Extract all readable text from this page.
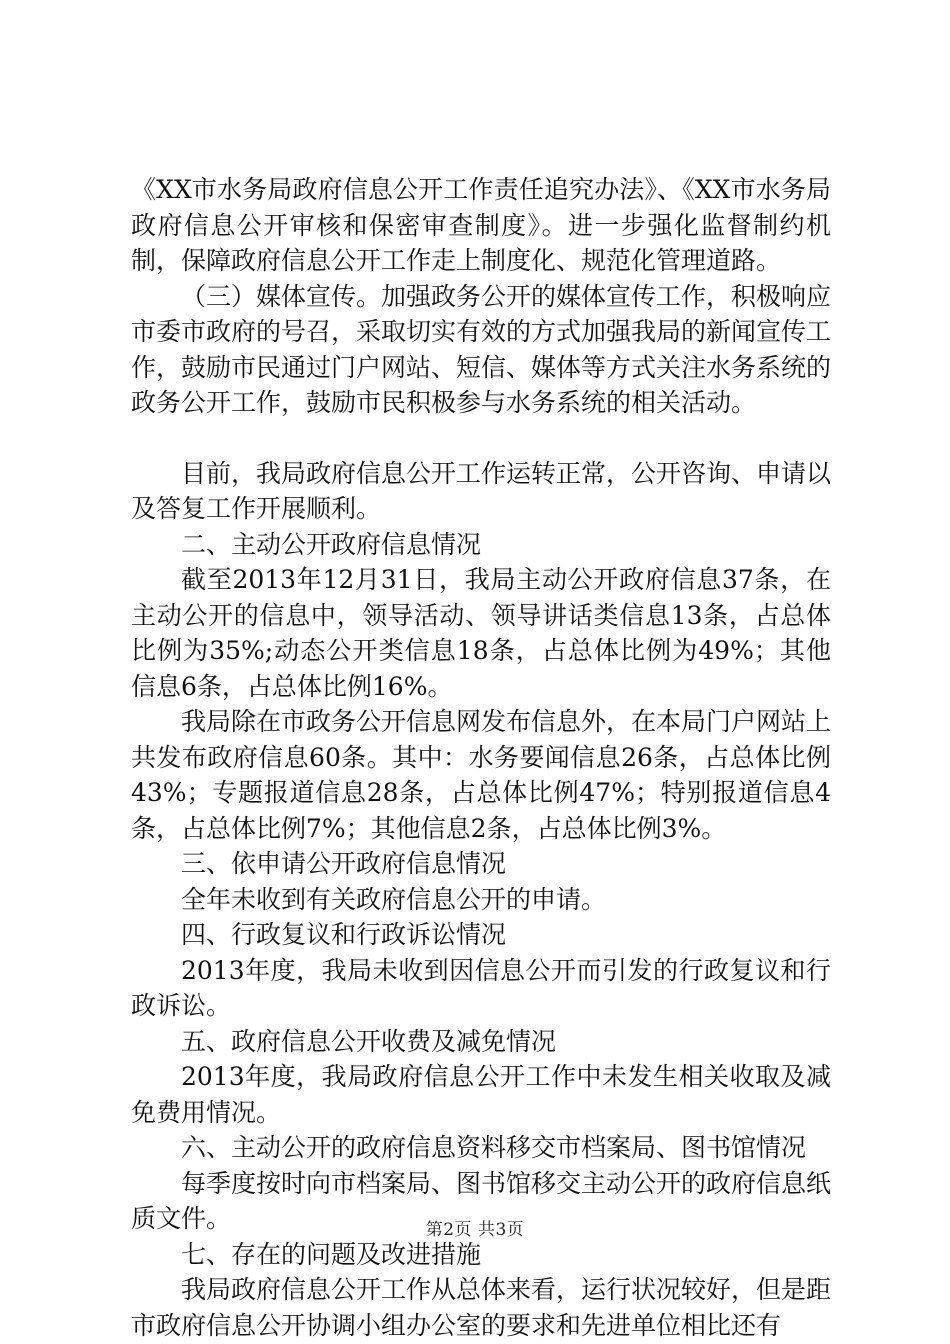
《XX市水务局政府信息公开工作责任追究办法》、《XX市水务局政府信息公开审核和保密审查制度》。进一步强化监督制约机制，保障政府信息公开工作走上制度化、规范化管理道路。

（三）媒体宣传。加强政务公开的媒体宣传工作，积极响应市委市政府的号召，采取切实有效的方式加强我局的新闻宣传工作，鼓励市民通过门户网站、短信、媒体等方式关注水务系统的政务公开工作，鼓励市民积极参与水务系统的相关活动。

目前，我局政府信息公开工作运转正常，公开咨询、申请以及答复工作开展顺利。

二、主动公开政府信息情况

截至2013年12月31日，我局主动公开政府信息37条，在主动公开的信息中，领导活动、领导讲话类信息13条，占总体比例为35%;动态公开类信息18条，占总体比例为49%；其他信息6条，占总体比例16%。

我局除在市政务公开信息网发布信息外，在本局门户网站上共发布政府信息60条。其中：水务要闻信息26条，占总体比例43%；专题报道信息28条，占总体比例47%；特别报道信息4条，占总体比例7%；其他信息2条，占总体比例3%。

三、依申请公开政府信息情况

全年未收到有关政府信息公开的申请。

四、行政复议和行政诉讼情况

2013年度，我局未收到因信息公开而引发的行政复议和行政诉讼。

五、政府信息公开收费及减免情况

2013年度，我局政府信息公开工作中未发生相关收取及减免费用情况。

六、主动公开的政府信息资料移交市档案局、图书馆情况

每季度按时向市档案局、图书馆移交主动公开的政府信息纸质文件。

七、存在的问题及改进措施

我局政府信息公开工作从总体来看，运行状况较好，但是距市政府信息公开协调小组办公室的要求和先进单位相比还有

第2页 共3页
